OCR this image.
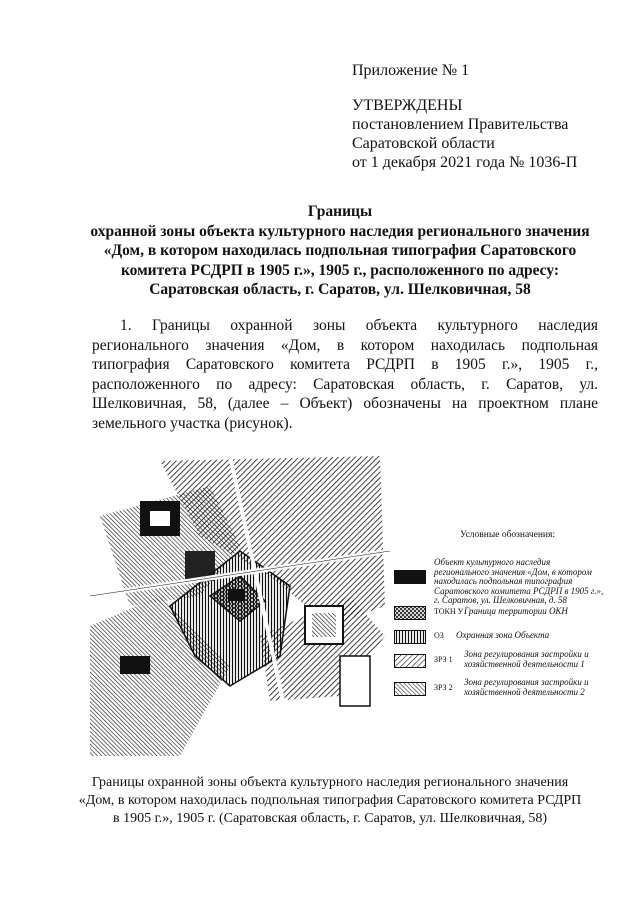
Приложение № 1
УТВЕРЖДЕНЫ
постановлением Правительства
Саратовской области
от 1 декабря 2021 года № 1036-П
Границы
охранной зоны объекта культурного наследия регионального значения
«Дом, в котором находилась подпольная типография Саратовского
комитета РСДРП в 1905 г.», 1905 г., расположенного по адресу:
Саратовская область, г. Саратов, ул. Шелковичная, 58
1. Границы охранной зоны объекта культурного наследия регионального значения «Дом, в котором находилась подпольная типография Саратовского комитета РСДРП в 1905 г.», 1905 г., расположенного по адресу: Саратовская область, г. Саратов, ул. Шелковичная, 58, (далее – Объект) обозначены на проектном плане земельного участка (рисунок).
Условные обозначения:
Объект культурного наследия регионального значения «Дом, в котором находилась подпольная типография Саратовского комитета РСДРП в 1905 г.», г. Саратов, ул. Шелковичная, д. 58
ТОКН У Граница территории ОКН
ОЗ Охранная зона Объекта
ЗРЗ 1
Зона регулирования застройки и хозяйственной деятельности 1
ЗРЗ 2
Зона регулирования застройки и хозяйственной деятельности 2
Границы охранной зоны объекта культурного наследия регионального значения
«Дом, в котором находилась подпольная типография Саратовского комитета РСДРП
в 1905 г.», 1905 г. (Саратовская область, г. Саратов, ул. Шелковичная, 58)
